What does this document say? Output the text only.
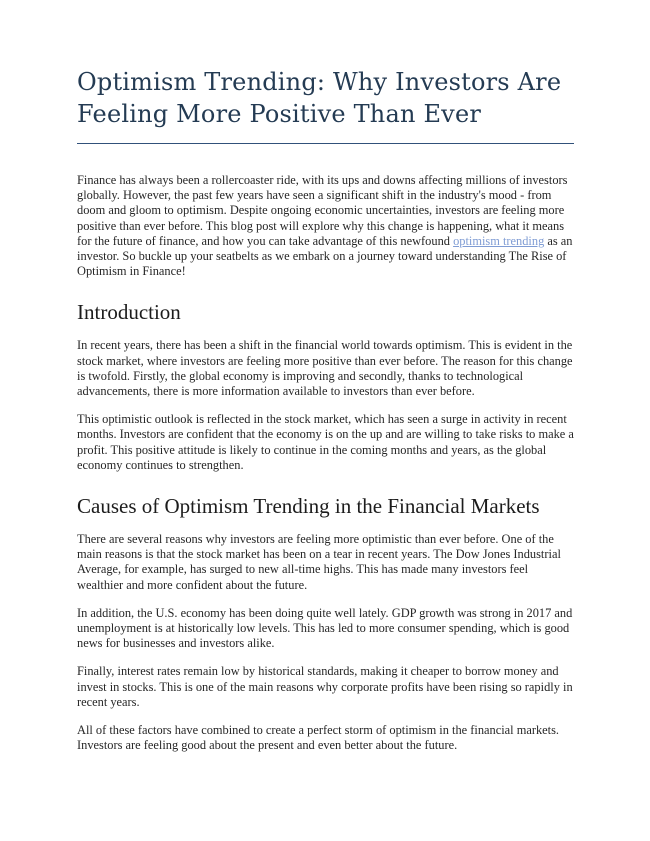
Optimism Trending: Why Investors Are Feeling More Positive Than Ever

Finance has always been a rollercoaster ride, with its ups and downs affecting millions of investors globally. However, the past few years have seen a significant shift in the industry's mood - from doom and gloom to optimism. Despite ongoing economic uncertainties, investors are feeling more positive than ever before. This blog post will explore why this change is happening, what it means for the future of finance, and how you can take advantage of this newfound optimism trending as an investor. So buckle up your seatbelts as we embark on a journey toward understanding The Rise of Optimism in Finance!

Introduction

In recent years, there has been a shift in the financial world towards optimism. This is evident in the stock market, where investors are feeling more positive than ever before. The reason for this change is twofold. Firstly, the global economy is improving and secondly, thanks to technological advancements, there is more information available to investors than ever before.

This optimistic outlook is reflected in the stock market, which has seen a surge in activity in recent months. Investors are confident that the economy is on the up and are willing to take risks to make a profit. This positive attitude is likely to continue in the coming months and years, as the global economy continues to strengthen.

Causes of Optimism Trending in the Financial Markets

There are several reasons why investors are feeling more optimistic than ever before. One of the main reasons is that the stock market has been on a tear in recent years. The Dow Jones Industrial Average, for example, has surged to new all-time highs. This has made many investors feel wealthier and more confident about the future.

In addition, the U.S. economy has been doing quite well lately. GDP growth was strong in 2017 and unemployment is at historically low levels. This has led to more consumer spending, which is good news for businesses and investors alike.

Finally, interest rates remain low by historical standards, making it cheaper to borrow money and invest in stocks. This is one of the main reasons why corporate profits have been rising so rapidly in recent years.

All of these factors have combined to create a perfect storm of optimism in the financial markets. Investors are feeling good about the present and even better about the future.
